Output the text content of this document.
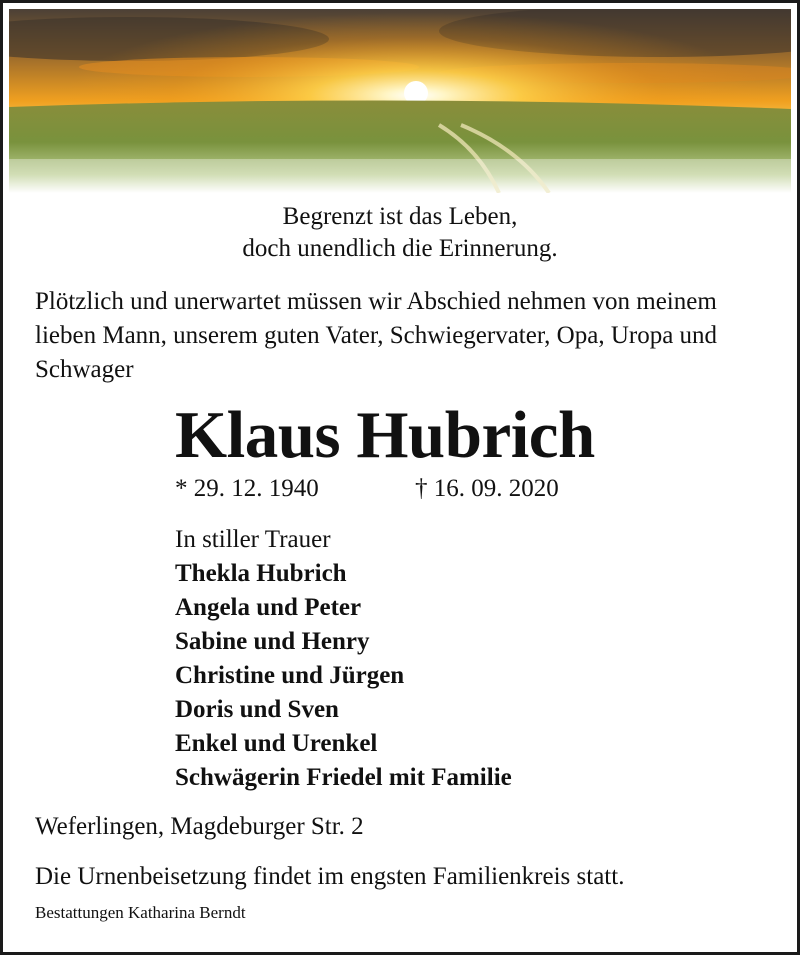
Begrenzt ist das Leben,
doch unendlich die Erinnerung.
Plötzlich und unerwartet müssen wir Abschied nehmen von meinem lieben Mann, unserem guten Vater, Schwiegervater, Opa, Uropa und Schwager
Klaus Hubrich
* 29. 12. 1940	† 16. 09. 2020
In stiller Trauer
Thekla Hubrich
Angela und Peter
Sabine und Henry
Christine und Jürgen
Doris und Sven
Enkel und Urenkel
Schwägerin Friedel mit Familie
Weferlingen, Magdeburger Str. 2
Die Urnenbeisetzung findet im engsten Familienkreis statt.
Bestattungen Katharina Berndt
